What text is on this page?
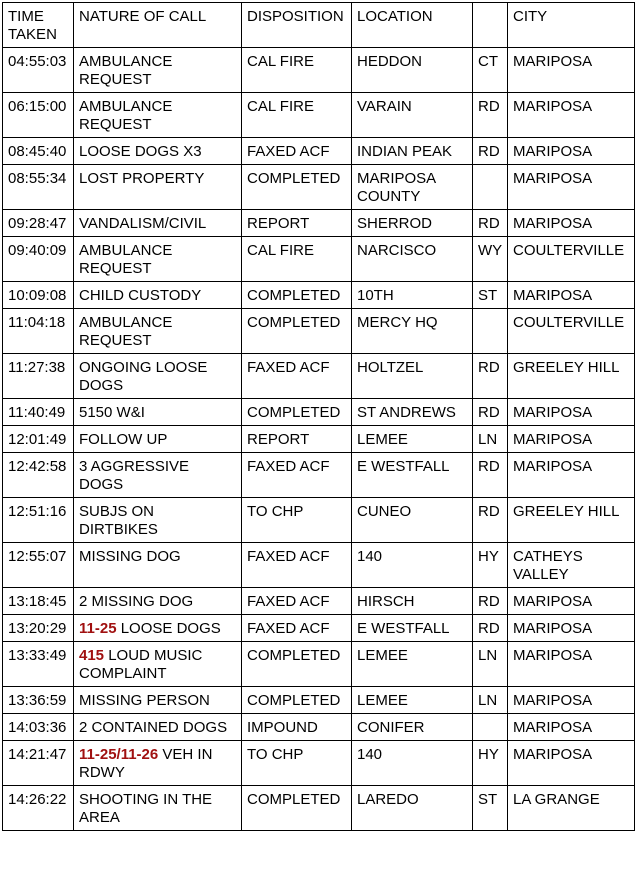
TIME TAKEN	NATURE OF CALL	DISPOSITION	LOCATION		CITY
04:55:03	AMBULANCE REQUEST	CAL FIRE	HEDDON	CT	MARIPOSA
06:15:00	AMBULANCE REQUEST	CAL FIRE	VARAIN	RD	MARIPOSA
08:45:40	LOOSE DOGS X3	FAXED ACF	INDIAN PEAK	RD	MARIPOSA
08:55:34	LOST PROPERTY	COMPLETED	MARIPOSA COUNTY		MARIPOSA
09:28:47	VANDALISM/CIVIL	REPORT	SHERROD	RD	MARIPOSA
09:40:09	AMBULANCE REQUEST	CAL FIRE	NARCISCO	WY	COULTERVILLE
10:09:08	CHILD CUSTODY	COMPLETED	10TH	ST	MARIPOSA
11:04:18	AMBULANCE REQUEST	COMPLETED	MERCY HQ		COULTERVILLE
11:27:38	ONGOING LOOSE DOGS	FAXED ACF	HOLTZEL	RD	GREELEY HILL
11:40:49	5150 W&I	COMPLETED	ST ANDREWS	RD	MARIPOSA
12:01:49	FOLLOW UP	REPORT	LEMEE	LN	MARIPOSA
12:42:58	3 AGGRESSIVE DOGS	FAXED ACF	E WESTFALL	RD	MARIPOSA
12:51:16	SUBJS ON DIRTBIKES	TO CHP	CUNEO	RD	GREELEY HILL
12:55:07	MISSING DOG	FAXED ACF	140	HY	CATHEYS VALLEY
13:18:45	2 MISSING DOG	FAXED ACF	HIRSCH	RD	MARIPOSA
13:20:29	11-25 LOOSE DOGS	FAXED ACF	E WESTFALL	RD	MARIPOSA
13:33:49	415 LOUD MUSIC COMPLAINT	COMPLETED	LEMEE	LN	MARIPOSA
13:36:59	MISSING PERSON	COMPLETED	LEMEE	LN	MARIPOSA
14:03:36	2 CONTAINED DOGS	IMPOUND	CONIFER		MARIPOSA
14:21:47	11-25/11-26 VEH IN RDWY	TO CHP	140	HY	MARIPOSA
14:26:22	SHOOTING IN THE AREA	COMPLETED	LAREDO	ST	LA GRANGE
